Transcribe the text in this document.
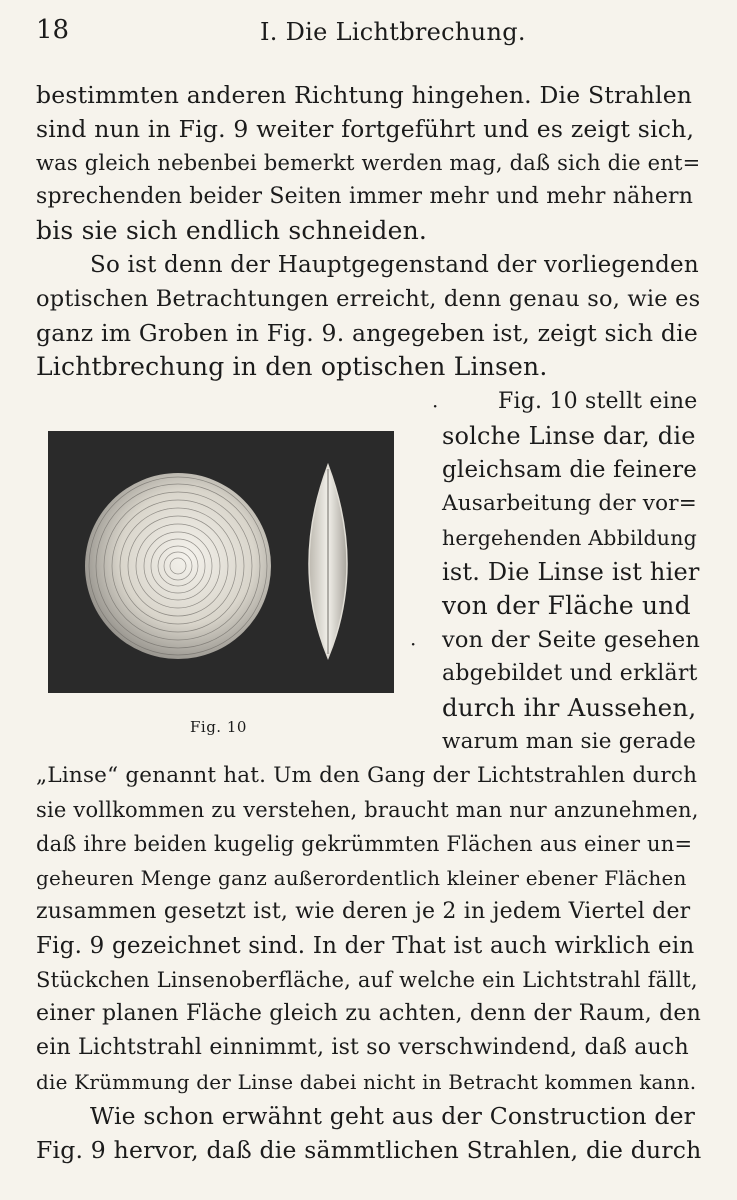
18	I. Die Lichtbrechung.
bestimmten anderen Richtung hingehen. Die Strahlen
sind nun in Fig. 9 weiter fortgeführt und es zeigt sich,
was gleich nebenbei bemerkt werden mag, daß sich die ent=
sprechenden beider Seiten immer mehr und mehr nähern
bis sie sich endlich schneiden.
So ist denn der Hauptgegenstand der vorliegenden
optischen Betrachtungen erreicht, denn genau so, wie es
ganz im Groben in Fig. 9. angegeben ist, zeigt sich die
Lichtbrechung in den optischen Linsen.
Fig. 10
Fig. 10 stellt eine
solche Linse dar, die
gleichsam die feinere
Ausarbeitung der vor=
hergehenden Abbildung
ist. Die Linse ist hier
von der Fläche und
von der Seite gesehen
abgebildet und erklärt
durch ihr Aussehen,
warum man sie gerade
„Linse“ genannt hat. Um den Gang der Lichtstrahlen durch
sie vollkommen zu verstehen, braucht man nur anzunehmen,
daß ihre beiden kugelig gekrümmten Flächen aus einer un=
geheuren Menge ganz außerordentlich kleiner ebener Flächen
zusammen gesetzt ist, wie deren je 2 in jedem Viertel der
Fig. 9 gezeichnet sind. In der That ist auch wirklich ein
Stückchen Linsenoberfläche, auf welche ein Lichtstrahl fällt,
einer planen Fläche gleich zu achten, denn der Raum, den
ein Lichtstrahl einnimmt, ist so verschwindend, daß auch
die Krümmung der Linse dabei nicht in Betracht kommen kann.
Wie schon erwähnt geht aus der Construction der
Fig. 9 hervor, daß die sämmtlichen Strahlen, die durch
·
·
